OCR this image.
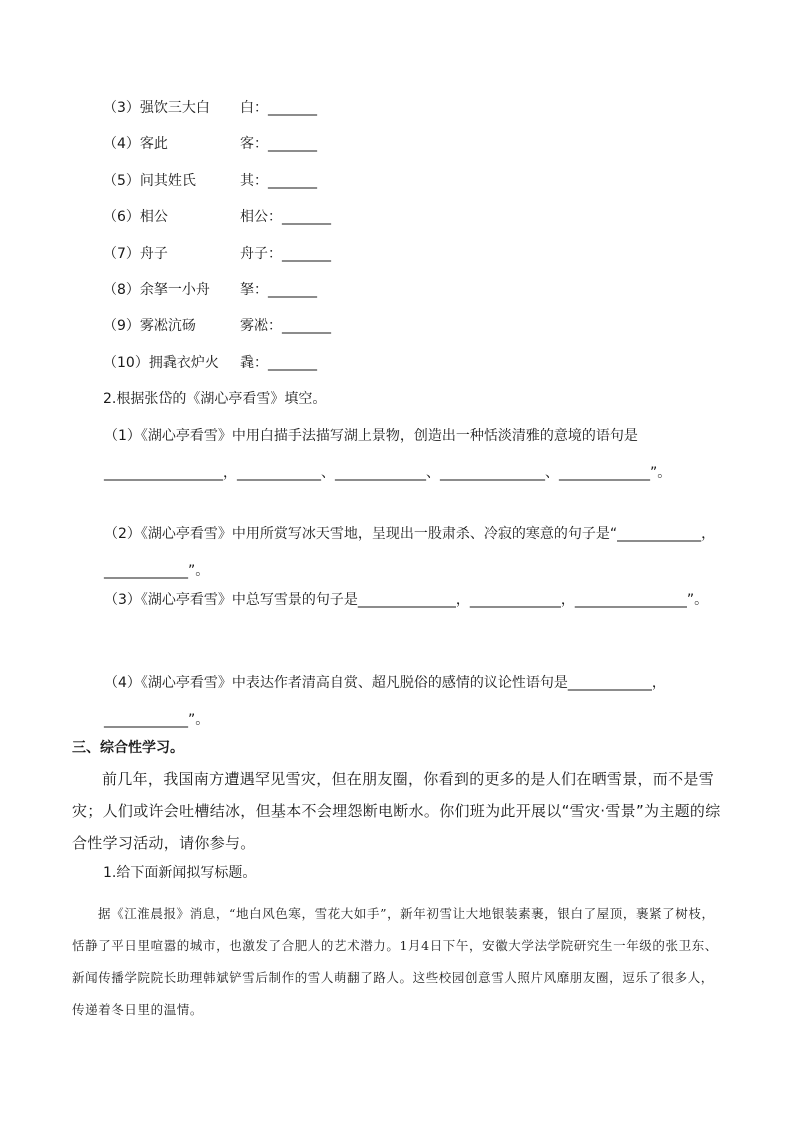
（3）强饮三大白 白：_______
（4）客此	客：_______
（5）问其姓氏	其：_______
（6）相公	相公：_______
（7）舟子	舟子：_______
（8）余拏一小舟 拏：_______
（9）雾凇沆砀	雾凇：_______
（10）拥毳衣炉火 毳：_______
2.根据张岱的《湖心亭看雪》填空。
（1）《湖心亭看雪》中用白描手法描写湖上景物，创造出一种恬淡清雅的意境的语句是_________________，____________、_____________、_______________、_____________”。
（2）《湖心亭看雪》中用所赏写冰天雪地，呈现出一股肃杀、冷寂的寒意的句子是“____________，____________”。
（3）《湖心亭看雪》中总写雪景的句子是______________，_____________，________________”。
（4）《湖心亭看雪》中表达作者清高自赏、超凡脱俗的感情的议论性语句是____________，____________”。
三、综合性学习。
前几年，我国南方遭遇罕见雪灾，但在朋友圈，你看到的更多的是人们在晒雪景，而不是雪灾；人们或许会吐槽结冰，但基本不会埋怨断电断水。你们班为此开展以“雪灾·雪景”为主题的综合性学习活动，请你参与。
1.给下面新闻拟写标题。
据《江淮晨报》消息，“地白风色寒，雪花大如手”，新年初雪让大地银装素裹，银白了屋顶，裹紧了树枝，恬静了平日里喧嚣的城市，也激发了合肥人的艺术潜力。1月4日下午，安徽大学法学院研究生一年级的张卫东、新闻传播学院院长助理韩斌铲雪后制作的雪人萌翻了路人。这些校园创意雪人照片风靡朋友圈，逗乐了很多人，传递着冬日里的温情。
